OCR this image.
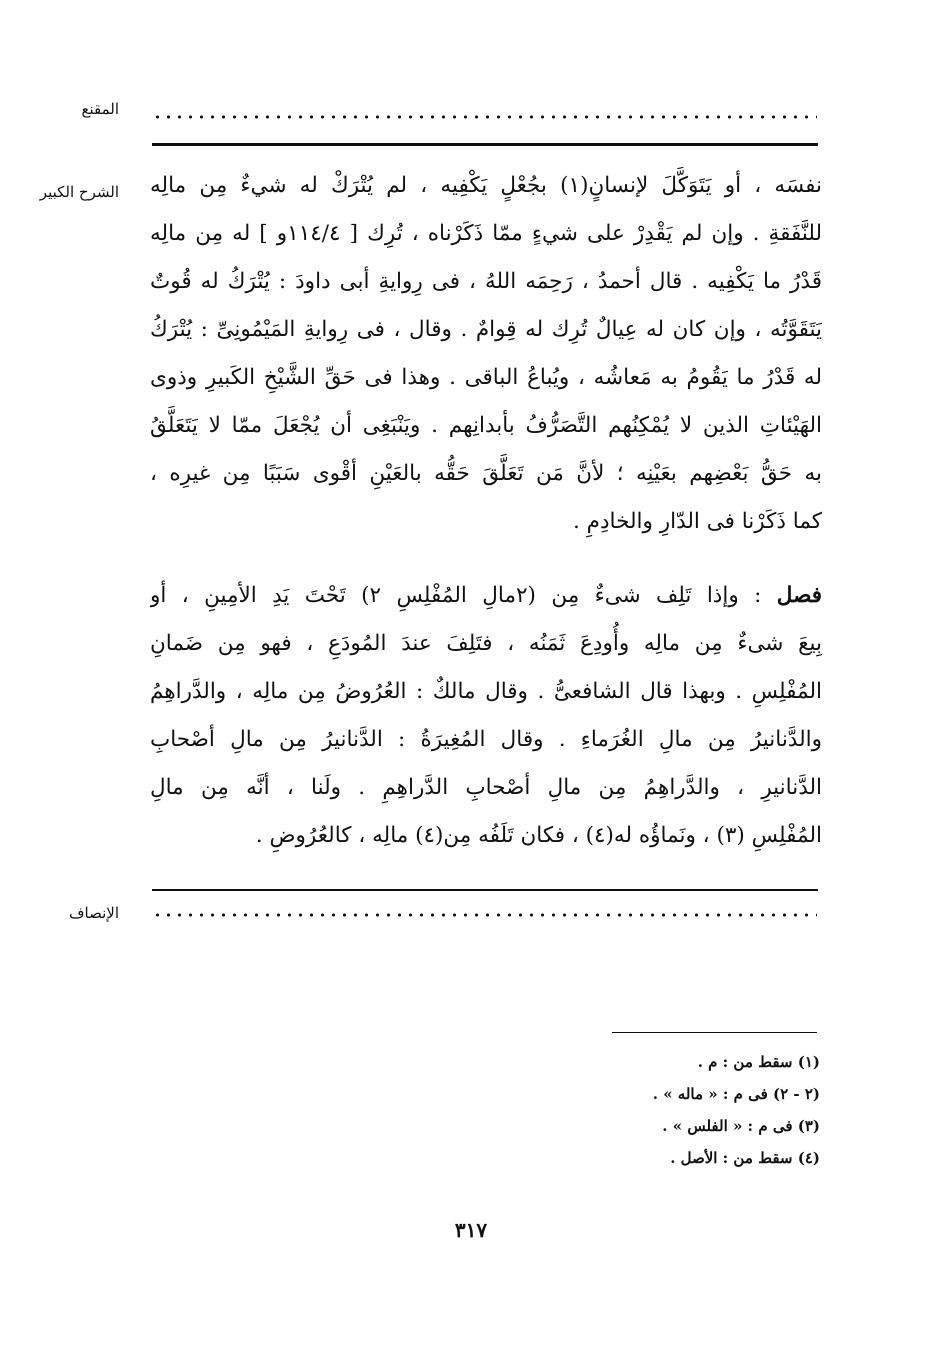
المقنع
الشرح الكبير نفسَه ، أو يَتَوَكَّلَ لإنسانٍ(١) بجُعْلٍ يَكْفِيه ، لم يُتْرَكْ له شيءٌ مِن مالِه
للنَّفَقةِ . وإن لم يَقْدِرْ على شيءٍ ممّا ذَكَرْناه ، تُرِك [ ١١٤/٤و ] له مِن مالِه
قَدْرُ ما يَكْفِيه . قال أحمدُ ، رَحِمَه اللهُ ، فى رِوايةِ أبى داودَ : يُتْرَكُ له قُوتٌ
يَتَقَوَّتُه ، وإن كان له عِيالٌ تُرِك له قِوامٌ . وقال ، فى رِوايةِ المَيْمُونِىِّ : يُتْرَكُ
له قَدْرُ ما يَقُومُ به مَعاشُه ، ويُباعُ الباقى . وهذا فى حَقِّ الشَّيْخِ الكَبيرِ وذوى
الهَيْئاتِ الذين لا يُمْكِنُهم التَّصَرُّفُ بأبدانِهم . ويَنْبَغِى أن يُجْعَلَ ممّا لا يَتَعَلَّقُ
به حَقُّ بَعْضِهم بعَيْنِه ؛ لأنَّ مَن تَعَلَّقَ حَقُّه بالعَيْنِ أقْوى سَبَبًا مِن غيرِه ،
كما ذَكَرْنا فى الدّارِ والخادِمِ .
فصل : وإذا تَلِف شىءٌ مِن (٢مالِ المُفْلِسِ ٢) تَحْتَ يَدِ الأمِينِ ، أو
بِيعَ شىءٌ مِن مالِه وأُودِعَ ثَمَنُه ، فتَلِفَ عندَ المُودَعِ ، فهو مِن ضَمانِ
المُفْلِسِ . وبهذا قال الشافعىُّ . وقال مالكٌ : العُرُوضُ مِن مالِه ، والدَّراهِمُ
والدَّنانيرُ مِن مالِ الغُرَماءِ . وقال المُغِيرَةُ : الدَّنانيرُ مِن مالِ أصْحابِ
الدَّنانيرِ ، والدَّراهِمُ مِن مالِ أصْحابِ الدَّراهِمِ . ولَنا ، أنَّه مِن مالِ
المُفْلِسِ (٣) ، ونَماؤُه له(٤) ، فكان تَلَفُه مِن(٤) مالِه ، كالعُرُوضِ .
الإنصاف
(١) سقط من : م .
(٢ - ٢) فى م : « ماله » .
(٣) فى م : « الفلس » .
(٤) سقط من : الأصل .
٣١٧
